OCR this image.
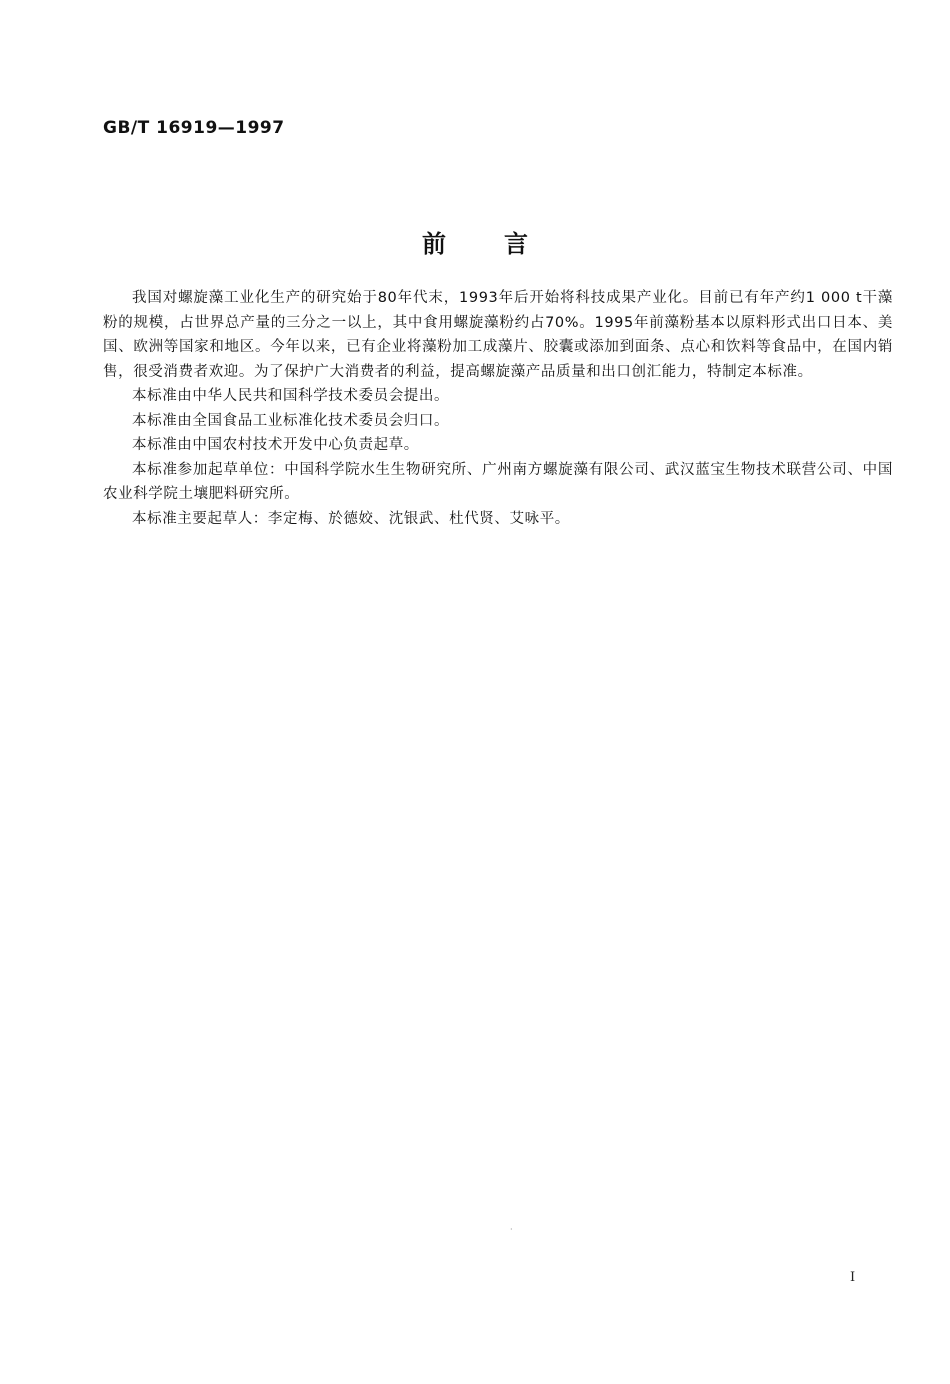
GB/T 16919—1997
前言

我国对螺旋藻工业化生产的研究始于80年代末，1993年后开始将科技成果产业化。目前已有年产约1 000 t干藻粉的规模，占世界总产量的三分之一以上，其中食用螺旋藻粉约占70%。1995年前藻粉基本以原料形式出口日本、美国、欧洲等国家和地区。今年以来，已有企业将藻粉加工成藻片、胶囊或添加到面条、点心和饮料等食品中，在国内销售，很受消费者欢迎。为了保护广大消费者的利益，提高螺旋藻产品质量和出口创汇能力，特制定本标准。

本标准由中华人民共和国科学技术委员会提出。

本标准由全国食品工业标准化技术委员会归口。

本标准由中国农村技术开发中心负责起草。

本标准参加起草单位：中国科学院水生生物研究所、广州南方螺旋藻有限公司、武汉蓝宝生物技术联营公司、中国农业科学院土壤肥料研究所。

本标准主要起草人：李定梅、於德姣、沈银武、杜代贤、艾咏平。

·
I
